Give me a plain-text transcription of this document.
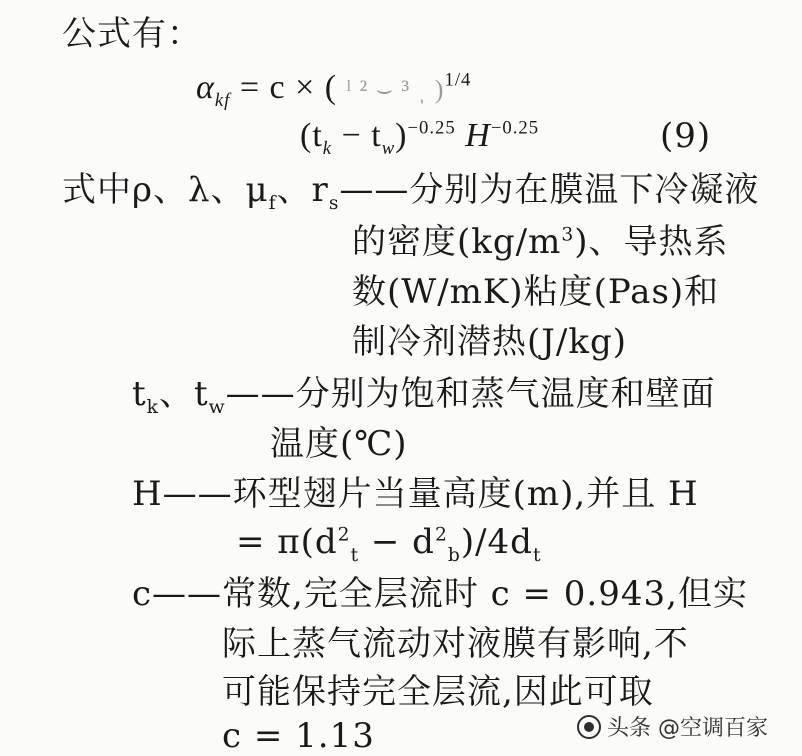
公式有：
$\alpha_{kf} = c$ × ( ˡ ² ⌣ ³ ˌ )$^{1/4}$
$(t_k - t_w)^{-0.25}$ $H^{-0.25}$	(9)
式中ρ、λ、$\mu_f$、$r_s——$分别为在膜温下冷凝液
的密度$(kg/m^3)$、导热系
数(W/mK)粘度(Pas)和
制冷剂潜热(J/kg)
$t_k$、$t_w——$分别为饱和蒸气温度和壁面
温度(℃)
H——环型翅片当量高度(m),并且 H
= $\pi(d^2_t - d^2_b)/4d_t$
c——常数,完全层流时 c = 0.943,但实
际上蒸气流动对液膜有影响,不
可能保持完全层流,因此可取
c = 1.13	头条 @空调百家
